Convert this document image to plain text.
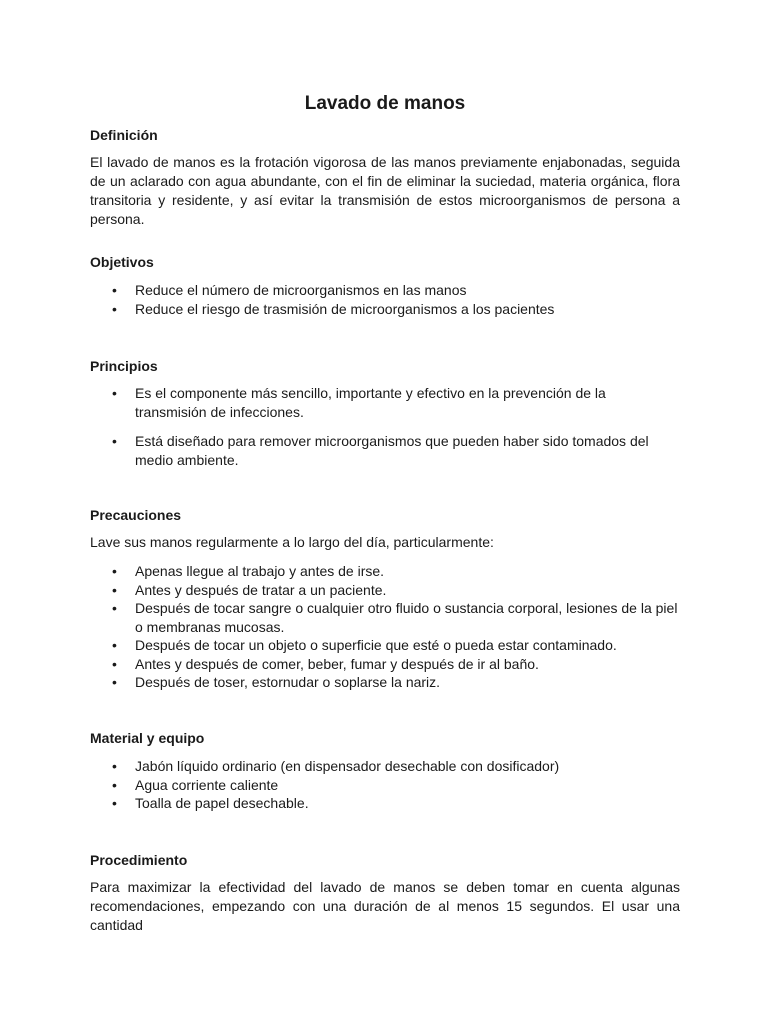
Lavado de manos
Definición

El lavado de manos es la frotación vigorosa de las manos previamente enjabonadas, seguida de un aclarado con agua abundante, con el fin de eliminar la suciedad, materia orgánica, flora transitoria y residente, y así evitar la transmisión de estos microorganismos de persona a persona.

Objetivos
• Reduce el número de microorganismos en las manos
• Reduce el riesgo de trasmisión de microorganismos a los pacientes
Principios
• Es el componente más sencillo, importante y efectivo en la prevención de la transmisión de infecciones.
• Está diseñado para remover microorganismos que pueden haber sido tomados del medio ambiente.
Precauciones

Lave sus manos regularmente a lo largo del día, particularmente:

• Apenas llegue al trabajo y antes de irse.
• Antes y después de tratar a un paciente.
• Después de tocar sangre o cualquier otro fluido o sustancia corporal, lesiones de la piel o membranas mucosas.
• Después de tocar un objeto o superficie que esté o pueda estar contaminado.
• Antes y después de comer, beber, fumar y después de ir al baño.
• Después de toser, estornudar o soplarse la nariz.
Material y equipo
• Jabón líquido ordinario (en dispensador desechable con dosificador)
• Agua corriente caliente
• Toalla de papel desechable.
Procedimiento

Para maximizar la efectividad del lavado de manos se deben tomar en cuenta algunas recomendaciones, empezando con una duración de al menos 15 segundos. El usar una cantidad
